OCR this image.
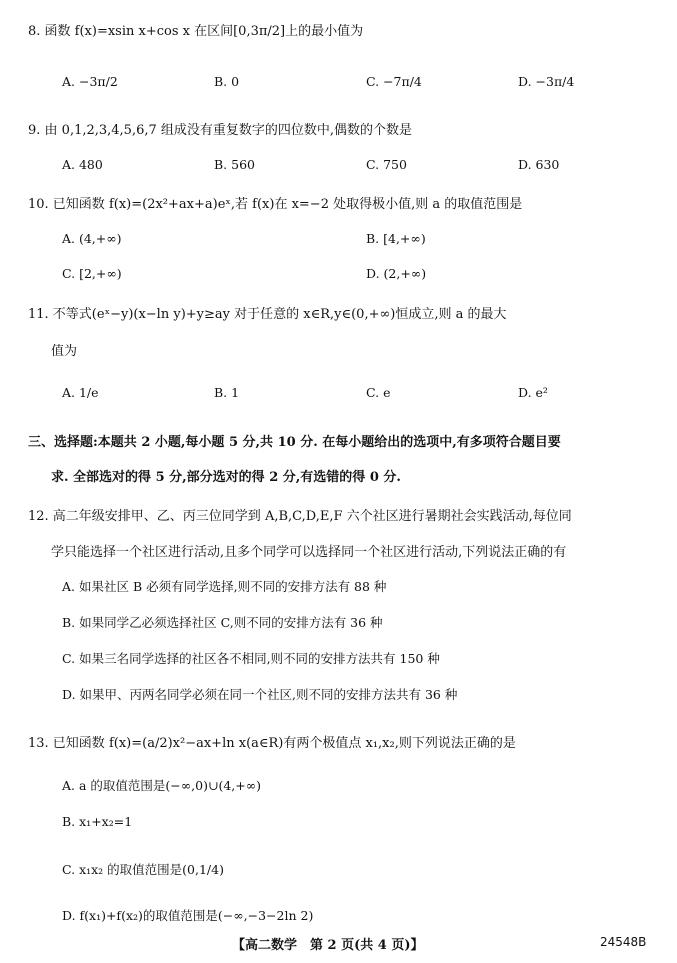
8. 函数 f(x)=xsin x+cos x 在区间[0,3π/2]上的最小值为
A. −3π/2	B. 0	C. −7π/4	D. −3π/4
9. 由 0,1,2,3,4,5,6,7 组成没有重复数字的四位数中,偶数的个数是
A. 480	B. 560	C. 750	D. 630
10. 已知函数 f(x)=(2x²+ax+a)eˣ,若 f(x)在 x=−2 处取得极小值,则 a 的取值范围是
A. (4,+∞)	B. [4,+∞)
C. [2,+∞)	D. (2,+∞)
11. 不等式(eˣ−y)(x−ln y)+y≥ay 对于任意的 x∈R,y∈(0,+∞)恒成立,则 a 的最大
值为
A. 1/e	B. 1	C. e	D. e²
三、选择题:本题共 2 小题,每小题 5 分,共 10 分. 在每小题给出的选项中,有多项符合题目要
求. 全部选对的得 5 分,部分选对的得 2 分,有选错的得 0 分.
12. 高二年级安排甲、乙、丙三位同学到 A,B,C,D,E,F 六个社区进行暑期社会实践活动,每位同
学只能选择一个社区进行活动,且多个同学可以选择同一个社区进行活动,下列说法正确的有
A. 如果社区 B 必须有同学选择,则不同的安排方法有 88 种
B. 如果同学乙必须选择社区 C,则不同的安排方法有 36 种
C. 如果三名同学选择的社区各不相同,则不同的安排方法共有 150 种
D. 如果甲、丙两名同学必须在同一个社区,则不同的安排方法共有 36 种
13. 已知函数 f(x)=(a/2)x²−ax+ln x(a∈R)有两个极值点 x₁,x₂,则下列说法正确的是
A. a 的取值范围是(−∞,0)∪(4,+∞)
B. x₁+x₂=1
C. x₁x₂ 的取值范围是(0,1/4)
D. f(x₁)+f(x₂)的取值范围是(−∞,−3−2ln 2)
【高二数学　第 2 页(共 4 页)】	24548B
